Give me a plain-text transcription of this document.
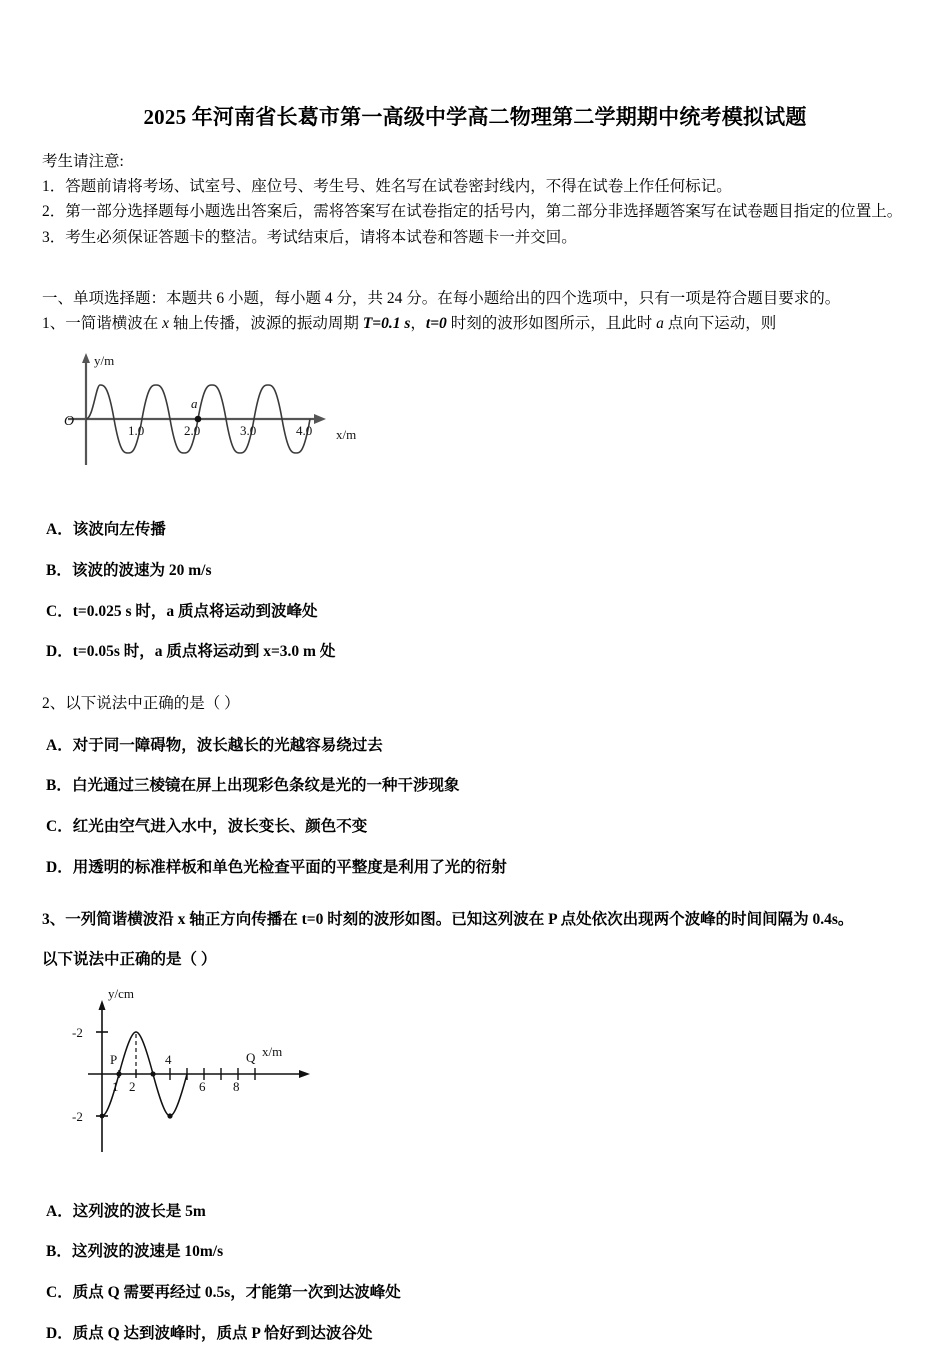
2025 年河南省长葛市第一高级中学高二物理第二学期期中统考模拟试题
考生请注意:
1．答题前请将考场、试室号、座位号、考生号、姓名写在试卷密封线内，不得在试卷上作任何标记。
2．第一部分选择题每小题选出答案后，需将答案写在试卷指定的括号内，第二部分非选择题答案写在试卷题目指定的位置上。
3．考生必须保证答题卡的整洁。考试结束后，请将本试卷和答题卡一并交回。
一、单项选择题：本题共 6 小题，每小题 4 分，共 24 分。在每小题给出的四个选项中，只有一项是符合题目要求的。
1、一简谐横波在 x 轴上传播，波源的振动周期 T=0.1 s，t=0 时刻的波形如图所示，且此时 a 点向下运动，则
a
O
y/m
x/m
1.0	2.0	3.0	4.0
A．该波向左传播
B．该波的波速为 20 m/s
C．t=0.025 s 时，a 质点将运动到波峰处
D．t=0.05s 时，a 质点将运动到 x=3.0 m 处
2、以下说法中正确的是（ ）
A．对于同一障碍物，波长越长的光越容易绕过去
B．白光通过三棱镜在屏上出现彩色条纹是光的一种干涉现象
C．红光由空气进入水中，波长变长、颜色不变
D．用透明的标准样板和单色光检查平面的平整度是利用了光的衍射
3、一列简谐横波沿 x 轴正方向传播在 t=0 时刻的波形如图。已知这列波在 P 点处依次出现两个波峰的时间间隔为 0.4s。
以下说法中正确的是（ ）
-2
-2
P	Q
1 2
4
6 8
y/cm
x/m
A．这列波的波长是 5m
B．这列波的波速是 10m/s
C．质点 Q 需要再经过 0.5s，才能第一次到达波峰处
D．质点 Q 达到波峰时，质点 P 恰好到达波谷处
